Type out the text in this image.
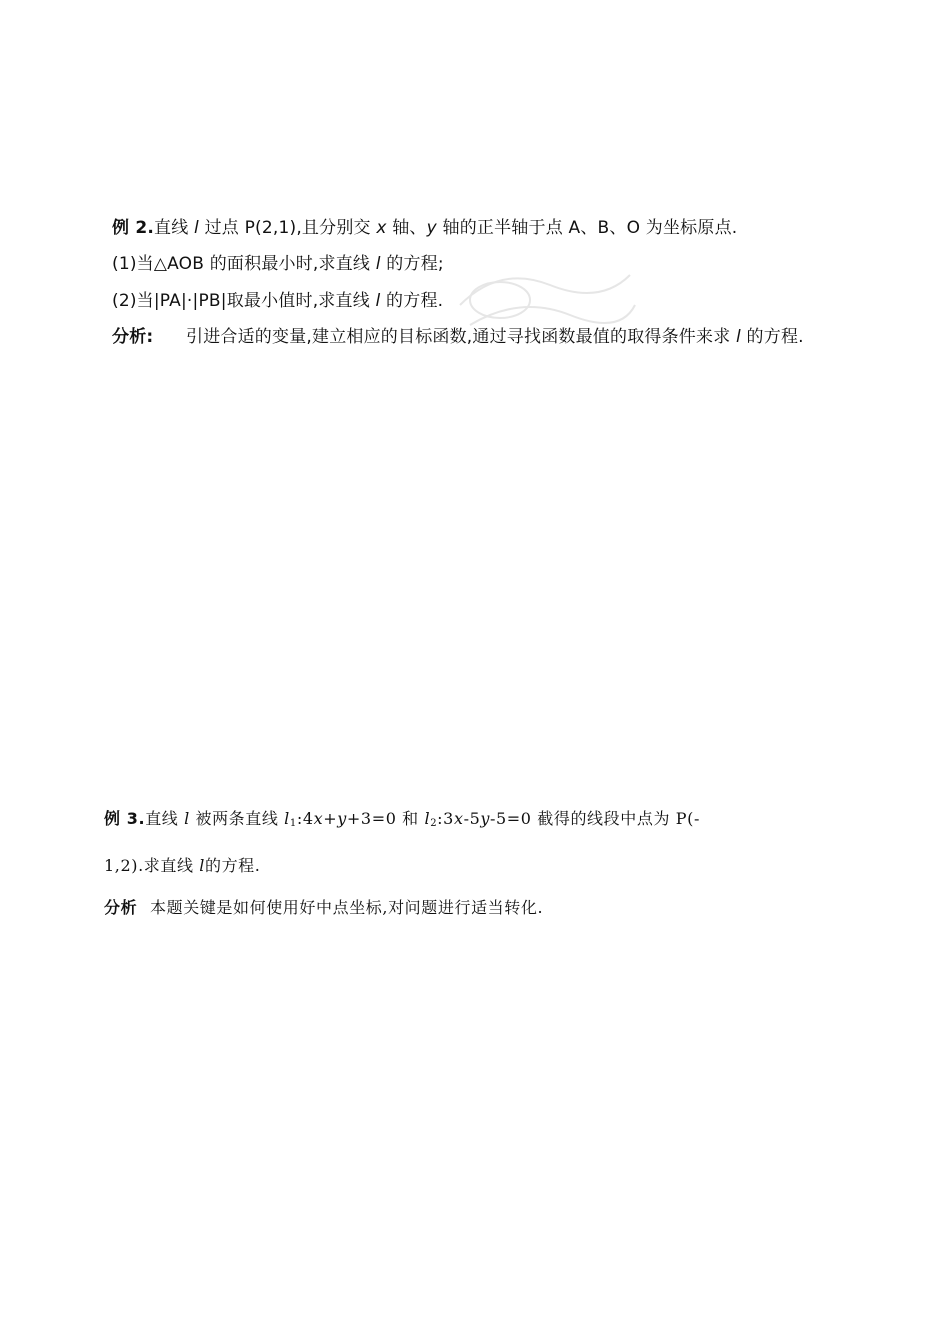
例 2.直线 l 过点 P(2,1),且分别交 x 轴、y 轴的正半轴于点 A、B、O 为坐标原点.
(1)当△AOB 的面积最小时,求直线 l 的方程;
(2)当|PA|·|PB|取最小值时,求直线 l 的方程.
分析: 引进合适的变量,建立相应的目标函数,通过寻找函数最值的取得条件来求 l 的方程.
例 3.直线 l 被两条直线 $l_1:4x+y+3=0$ 和 $l_2:3x-5y-5=0$ 截得的线段中点为 P(-
1,2).求直线 l的方程.
分析 本题关键是如何使用好中点坐标,对问题进行适当转化.
